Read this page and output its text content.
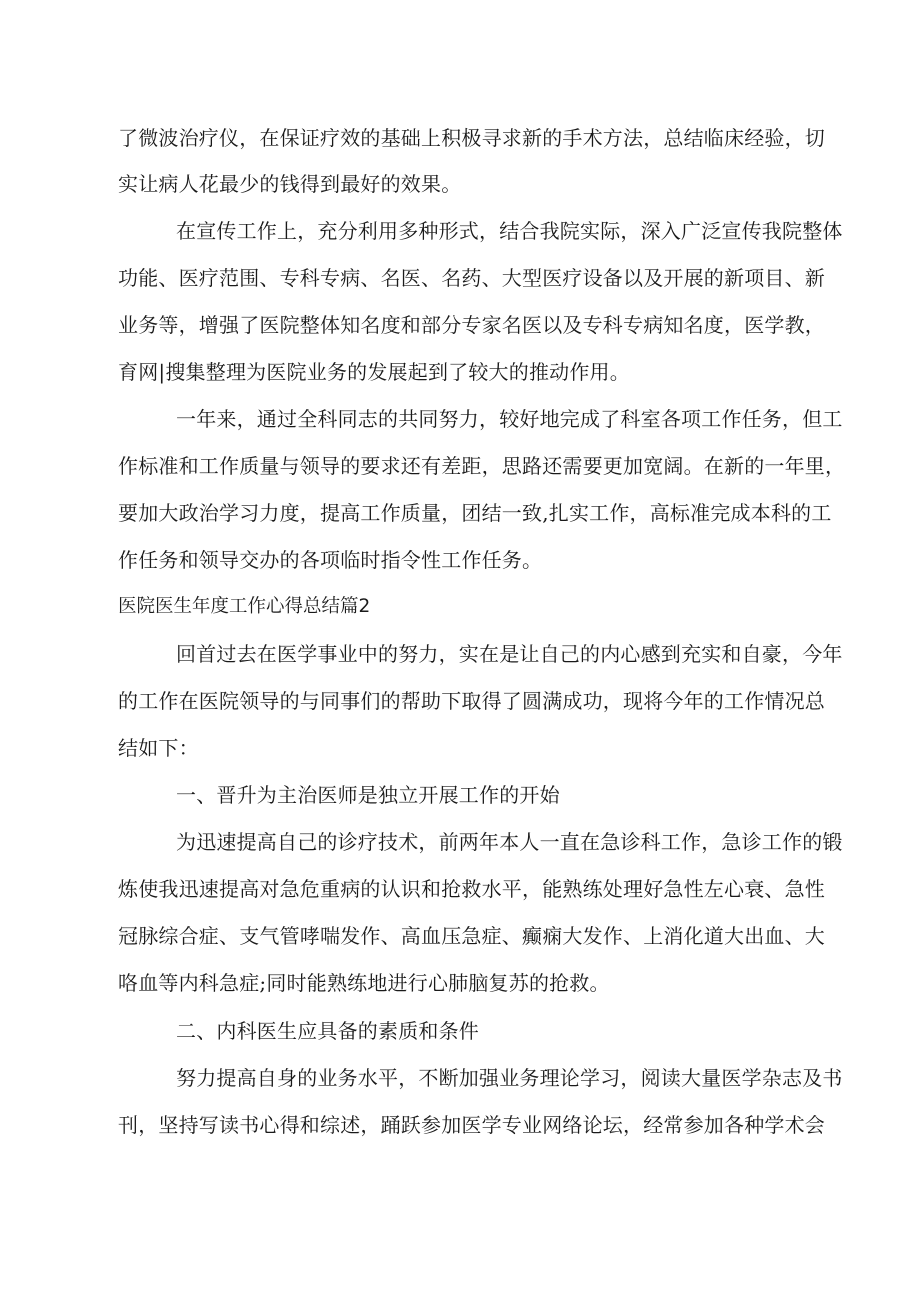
了微波治疗仪，在保证疗效的基础上积极寻求新的手术方法，总结临床经验，切
实让病人花最少的钱得到最好的效果。
在宣传工作上，充分利用多种形式，结合我院实际，深入广泛宣传我院整体
功能、医疗范围、专科专病、名医、名药、大型医疗设备以及开展的新项目、新
业务等，增强了医院整体知名度和部分专家名医以及专科专病知名度，医学教，
育网|搜集整理为医院业务的发展起到了较大的推动作用。
一年来，通过全科同志的共同努力，较好地完成了科室各项工作任务，但工
作标准和工作质量与领导的要求还有差距，思路还需要更加宽阔。在新的一年里，
要加大政治学习力度，提高工作质量，团结一致,扎实工作，高标准完成本科的工
作任务和领导交办的各项临时指令性工作任务。
医院医生年度工作心得总结篇2
回首过去在医学事业中的努力，实在是让自己的内心感到充实和自豪，今年
的工作在医院领导的与同事们的帮助下取得了圆满成功，现将今年的工作情况总
结如下：
一、晋升为主治医师是独立开展工作的开始
为迅速提高自己的诊疗技术，前两年本人一直在急诊科工作，急诊工作的锻
炼使我迅速提高对急危重病的认识和抢救水平，能熟练处理好急性左心衰、急性
冠脉综合症、支气管哮喘发作、高血压急症、癫痫大发作、上消化道大出血、大
咯血等内科急症;同时能熟练地进行心肺脑复苏的抢救。
二、内科医生应具备的素质和条件
努力提高自身的业务水平，不断加强业务理论学习，阅读大量医学杂志及书
刊，坚持写读书心得和综述，踊跃参加医学专业网络论坛，经常参加各种学术会
